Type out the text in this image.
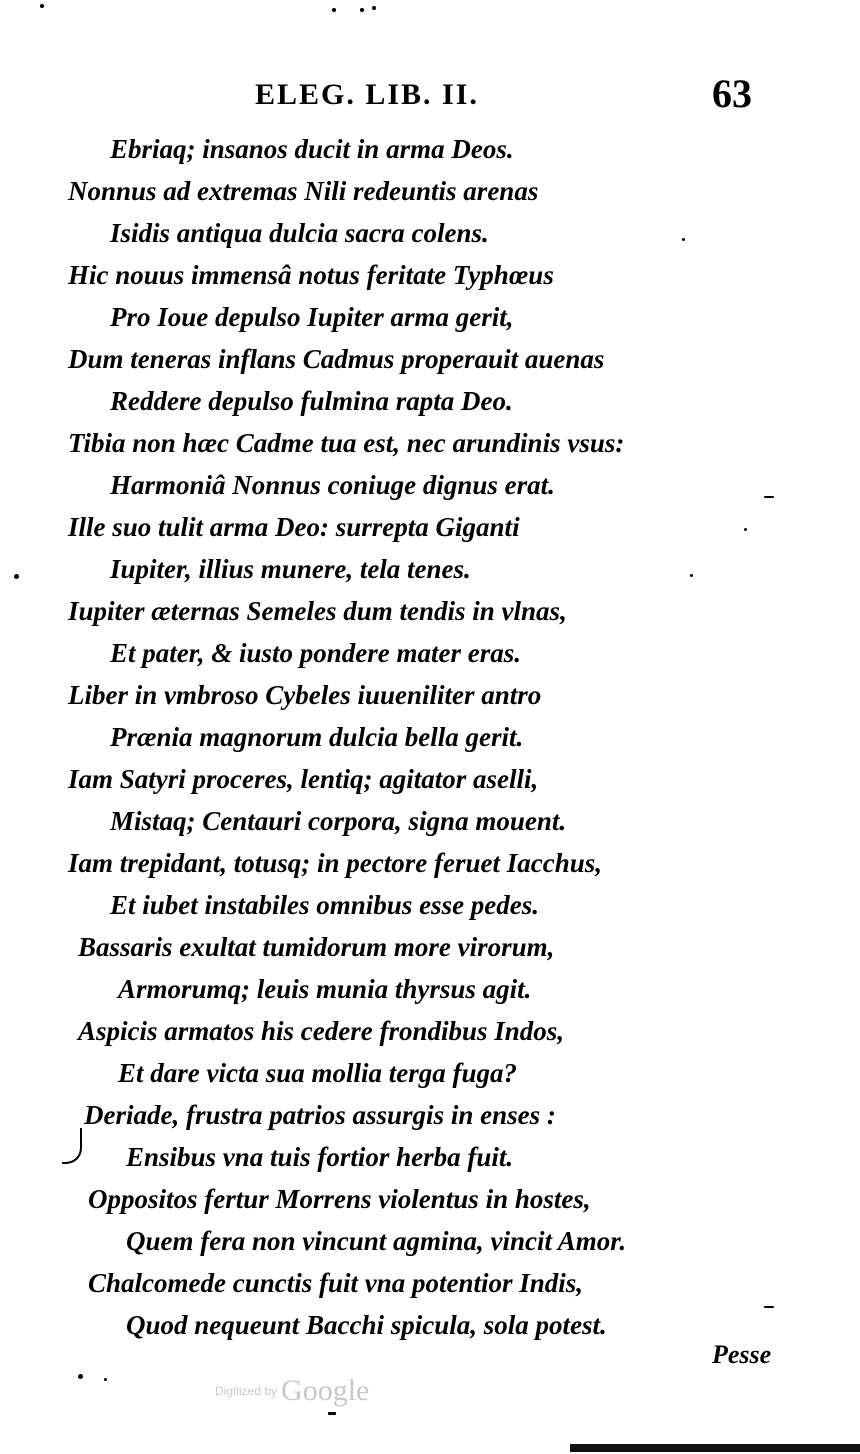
ELEG. LIB. II.	63
Ebriaq; insanos ducit in arma Deos.
Nonnus ad extremas Nili redeuntis arenas
Isidis antiqua dulcia sacra colens.
Hic nouus immensâ notus feritate Typhœus
Pro Ioue depulso Iupiter arma gerit,
Dum teneras inflans Cadmus properauit auenas
Reddere depulso fulmina rapta Deo.
Tibia non hæc Cadme tua est, nec arundinis vsus:
Harmoniâ Nonnus coniuge dignus erat.
Ille suo tulit arma Deo: surrepta Giganti
Iupiter, illius munere, tela tenes.
Iupiter æternas Semeles dum tendis in vlnas,
Et pater, & iusto pondere mater eras.
Liber in vmbroso Cybeles iuueniliter antro
Prænia magnorum dulcia bella gerit.
Iam Satyri proceres, lentiq; agitator aselli,
Mistaq; Centauri corpora, signa mouent.
Iam trepidant, totusq; in pectore feruet Iacchus,
Et iubet instabiles omnibus esse pedes.
Bassaris exultat tumidorum more virorum,
Armorumq; leuis munia thyrsus agit.
Aspicis armatos his cedere frondibus Indos,
Et dare victa sua mollia terga fuga?
Deriade, frustra patrios assurgis in enses :
Ensibus vna tuis fortior herba fuit.
Oppositos fertur Morrens violentus in hostes,
Quem fera non vincunt agmina, vincit Amor.
Chalcomede cunctis fuit vna potentior Indis,
Quod nequeunt Bacchi spicula, sola potest.
Pesse
Digitized by Google
